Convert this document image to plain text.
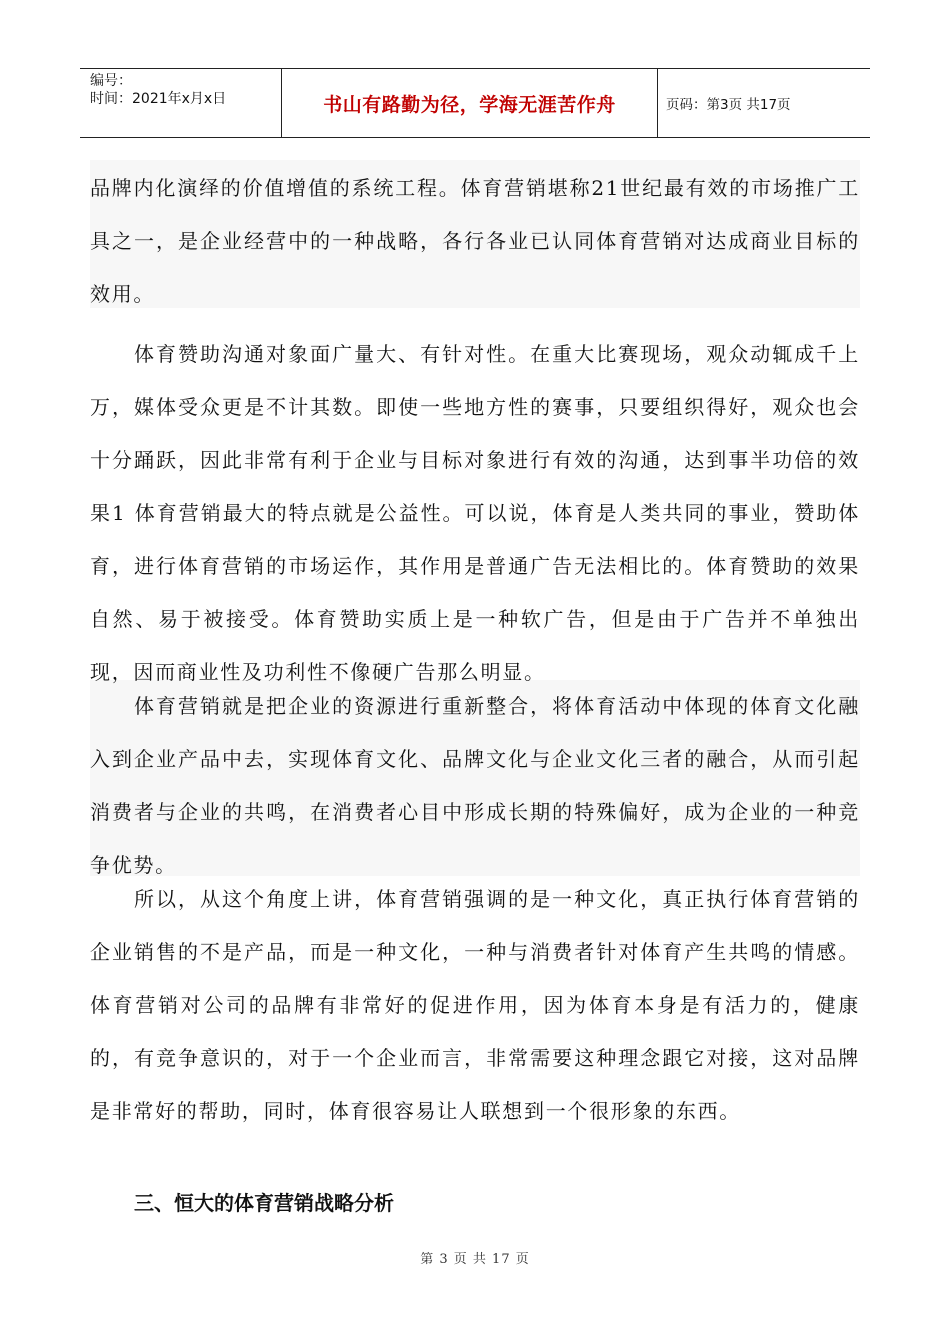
编号：
时间：2021年x月x日	书山有路勤为径，学海无涯苦作舟	页码：第3页 共17页

品牌内化演绎的价值增值的系统工程。体育营销堪称21世纪最有效的市场推广工具之一，是企业经营中的一种战略，各行各业已认同体育营销对达成商业目标的效用。

体育赞助沟通对象面广量大、有针对性。在重大比赛现场，观众动辄成千上万，媒体受众更是不计其数。即使一些地方性的赛事，只要组织得好，观众也会十分踊跃，因此非常有利于企业与目标对象进行有效的沟通，达到事半功倍的效果1 体育营销最大的特点就是公益性。可以说，体育是人类共同的事业，赞助体育，进行体育营销的市场运作，其作用是普通广告无法相比的。体育赞助的效果自然、易于被接受。体育赞助实质上是一种软广告，但是由于广告并不单独出现，因而商业性及功利性不像硬广告那么明显。

体育营销就是把企业的资源进行重新整合，将体育活动中体现的体育文化融入到企业产品中去，实现体育文化、品牌文化与企业文化三者的融合，从而引起消费者与企业的共鸣，在消费者心目中形成长期的特殊偏好，成为企业的一种竞争优势。

所以，从这个角度上讲，体育营销强调的是一种文化，真正执行体育营销的企业销售的不是产品，而是一种文化，一种与消费者针对体育产生共鸣的情感。体育营销对公司的品牌有非常好的促进作用，因为体育本身是有活力的，健康的，有竞争意识的，对于一个企业而言，非常需要这种理念跟它对接，这对品牌是非常好的帮助，同时，体育很容易让人联想到一个很形象的东西。

三、恒大的体育营销战略分析
第 3 页 共 17 页
